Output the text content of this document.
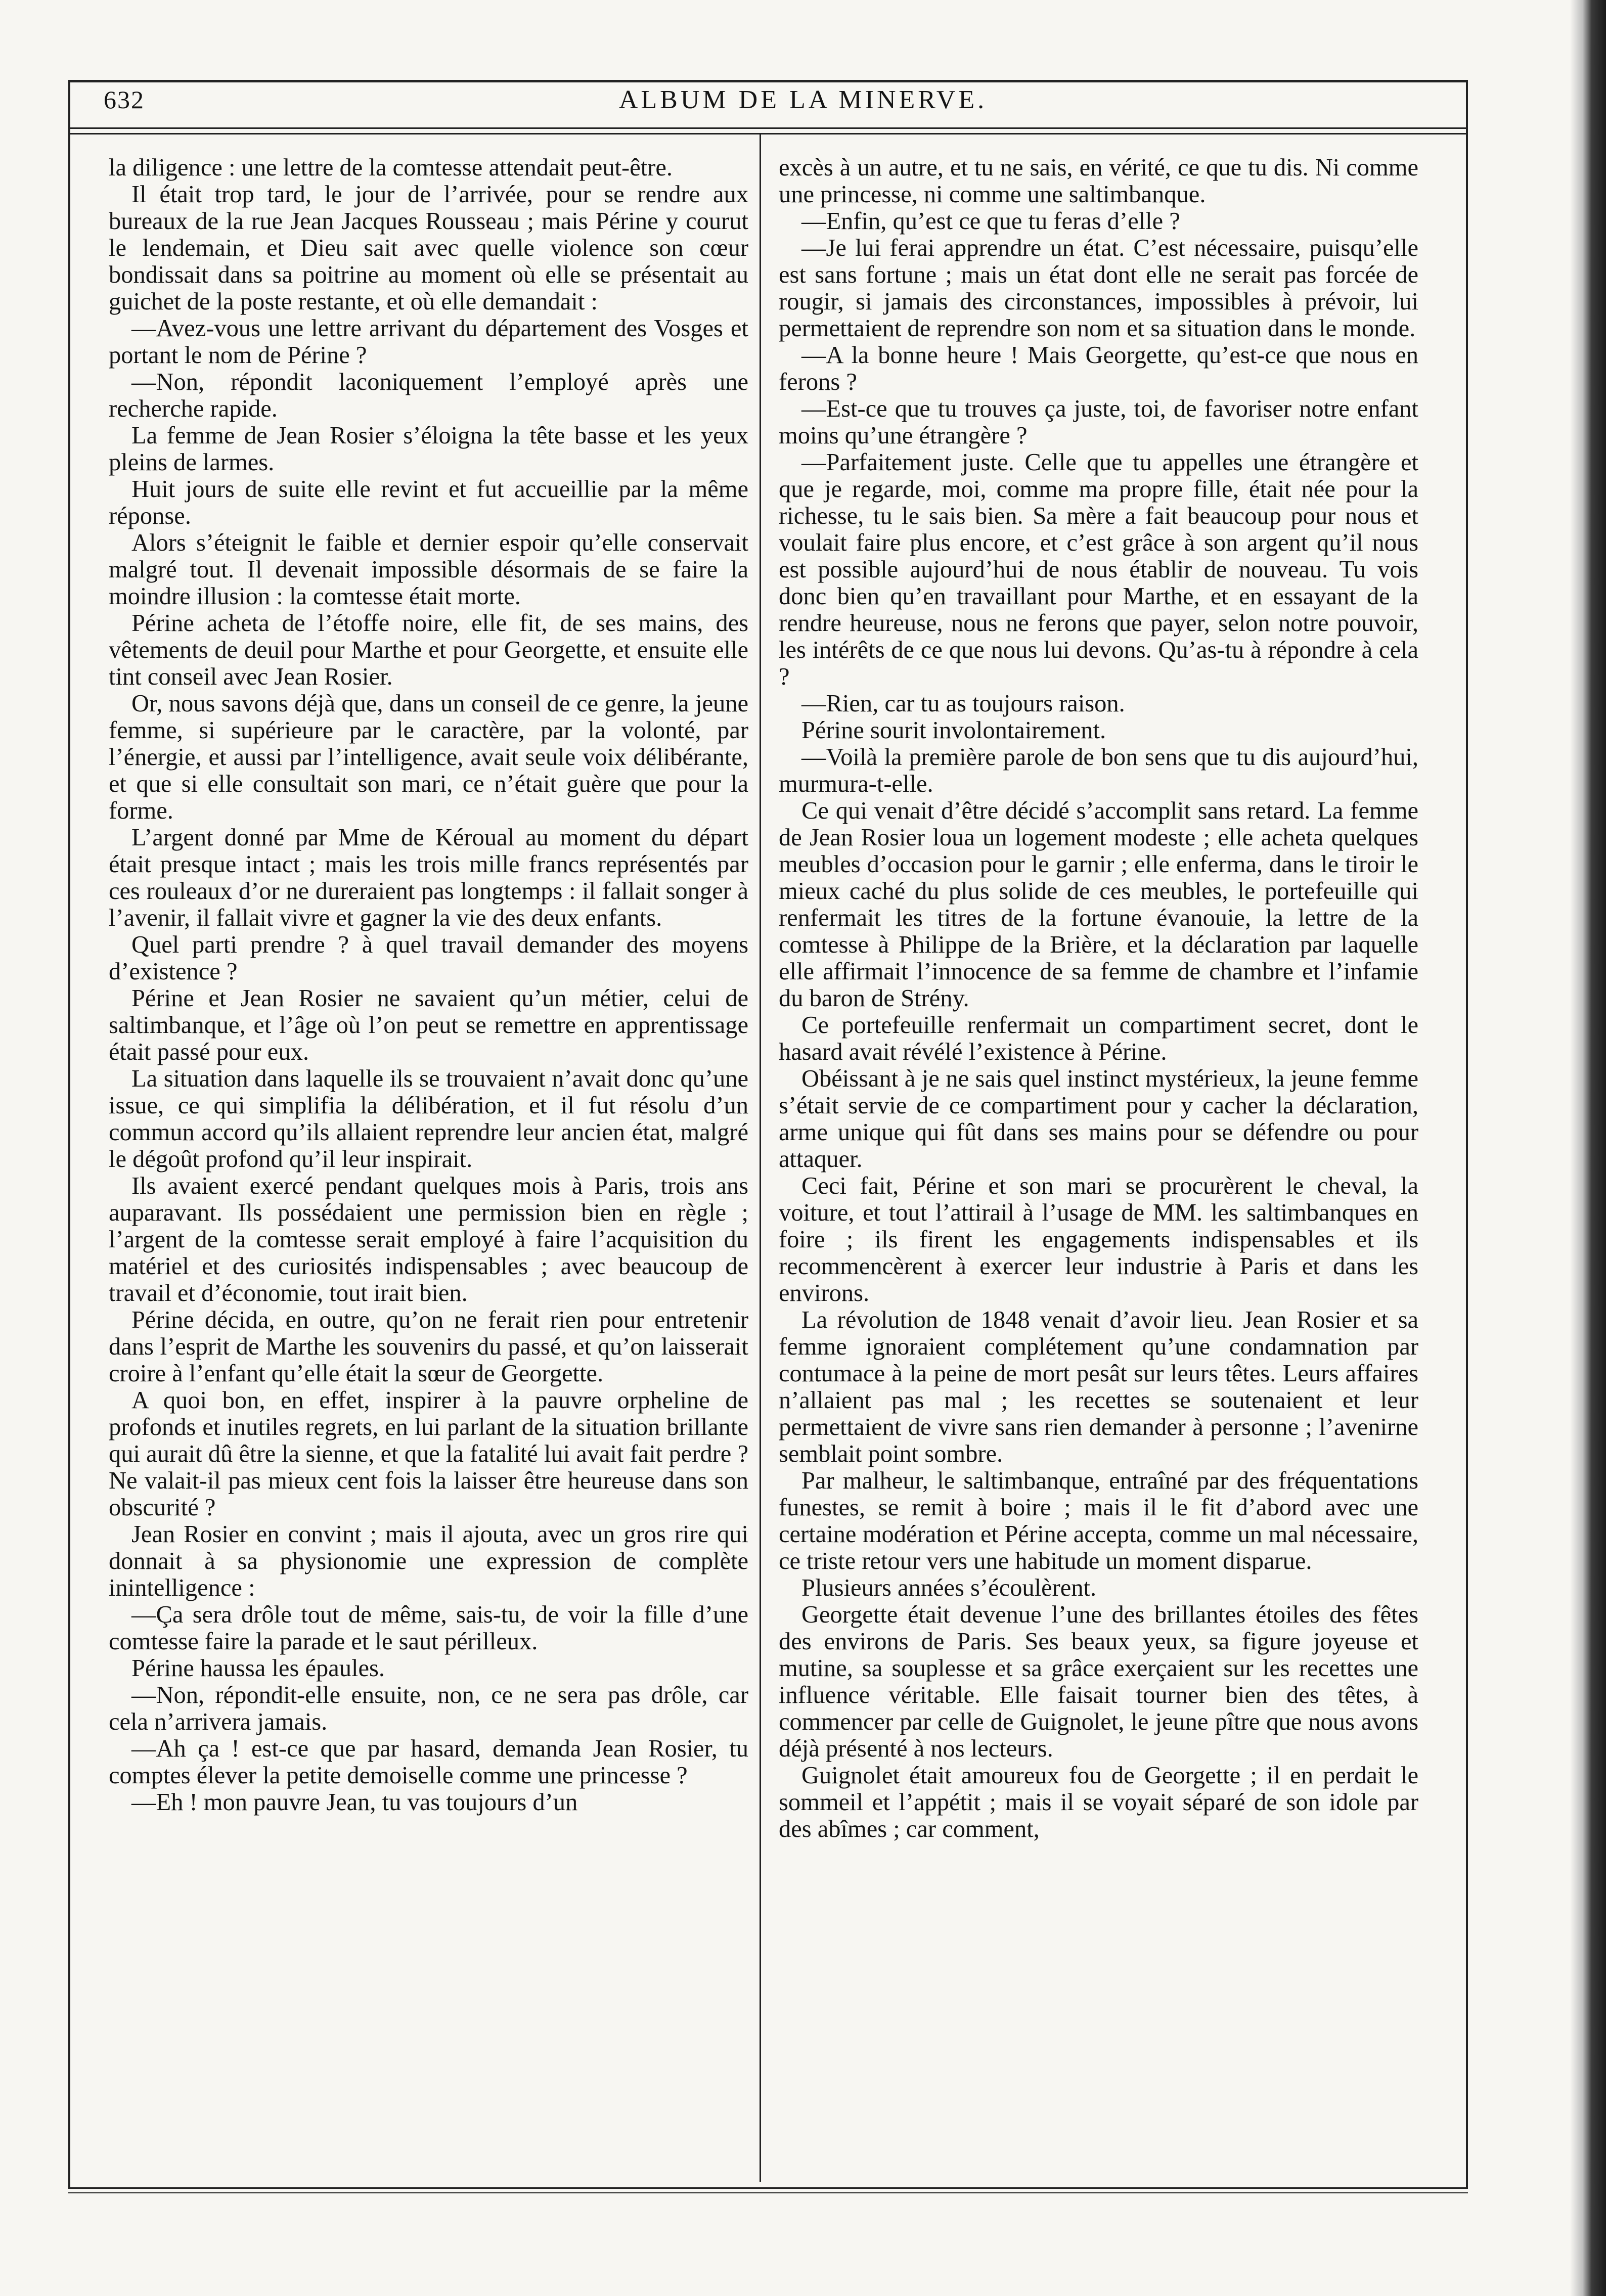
632	ALBUM DE LA MINERVE.

la diligence : une lettre de la comtesse attendait peut-être.

Il était trop tard, le jour de l’arrivée, pour se rendre aux bureaux de la rue Jean Jacques Rousseau ; mais Périne y courut le lendemain, et Dieu sait avec quelle violence son cœur bondissait dans sa poitrine au moment où elle se présentait au guichet de la poste restante, et où elle demandait :

—Avez-vous une lettre arrivant du département des Vosges et portant le nom de Périne ?

—Non, répondit laconiquement l’employé après une recherche rapide.

La femme de Jean Rosier s’éloigna la tête basse et les yeux pleins de larmes.

Huit jours de suite elle revint et fut accueillie par la même réponse.

Alors s’éteignit le faible et dernier espoir qu’elle conservait malgré tout. Il devenait impossible désormais de se faire la moindre illusion : la comtesse était morte.

Périne acheta de l’étoffe noire, elle fit, de ses mains, des vêtements de deuil pour Marthe et pour Georgette, et ensuite elle tint conseil avec Jean Rosier.

Or, nous savons déjà que, dans un conseil de ce genre, la jeune femme, si supérieure par le caractère, par la volonté, par l’énergie, et aussi par l’intelligence, avait seule voix délibérante, et que si elle consultait son mari, ce n’était guère que pour la forme.

L’argent donné par Mme de Kéroual au moment du départ était presque intact ; mais les trois mille francs représentés par ces rouleaux d’or ne dureraient pas longtemps : il fallait songer à l’avenir, il fallait vivre et gagner la vie des deux enfants.

Quel parti prendre ? à quel travail demander des moyens d’existence ?

Périne et Jean Rosier ne savaient qu’un métier, celui de saltimbanque, et l’âge où l’on peut se remettre en apprentissage était passé pour eux.

La situation dans laquelle ils se trouvaient n’avait donc qu’une issue, ce qui simplifia la délibération, et il fut résolu d’un commun accord qu’ils allaient reprendre leur ancien état, malgré le dégoût profond qu’il leur inspirait.

Ils avaient exercé pendant quelques mois à Paris, trois ans auparavant. Ils possédaient une permission bien en règle ; l’argent de la comtesse serait employé à faire l’acquisition du matériel et des curiosités indispensables ; avec beaucoup de travail et d’économie, tout irait bien.

Périne décida, en outre, qu’on ne ferait rien pour entretenir dans l’esprit de Marthe les souvenirs du passé, et qu’on laisserait croire à l’enfant qu’elle était la sœur de Georgette.

A quoi bon, en effet, inspirer à la pauvre orpheline de profonds et inutiles regrets, en lui parlant de la situation brillante qui aurait dû être la sienne, et que la fatalité lui avait fait perdre ? Ne valait-il pas mieux cent fois la laisser être heureuse dans son obscurité ?

Jean Rosier en convint ; mais il ajouta, avec un gros rire qui donnait à sa physionomie une expression de complète inintelligence :

—Ça sera drôle tout de même, sais-tu, de voir la fille d’une comtesse faire la parade et le saut périlleux.

Périne haussa les épaules.

—Non, répondit-elle ensuite, non, ce ne sera pas drôle, car cela n’arrivera jamais.

—Ah ça ! est-ce que par hasard, demanda Jean Rosier, tu comptes élever la petite demoiselle comme une princesse ?

—Eh ! mon pauvre Jean, tu vas toujours d’un

excès à un autre, et tu ne sais, en vérité, ce que tu dis. Ni comme une princesse, ni comme une saltimbanque.

—Enfin, qu’est ce que tu feras d’elle ?

—Je lui ferai apprendre un état. C’est nécessaire, puisqu’elle est sans fortune ; mais un état dont elle ne serait pas forcée de rougir, si jamais des circonstances, impossibles à prévoir, lui permettaient de reprendre son nom et sa situation dans le monde.

—A la bonne heure ! Mais Georgette, qu’est-ce que nous en ferons ?

—Est-ce que tu trouves ça juste, toi, de favoriser notre enfant moins qu’une étrangère ?

—Parfaitement juste. Celle que tu appelles une étrangère et que je regarde, moi, comme ma propre fille, était née pour la richesse, tu le sais bien. Sa mère a fait beaucoup pour nous et voulait faire plus encore, et c’est grâce à son argent qu’il nous est possible aujourd’hui de nous établir de nouveau. Tu vois donc bien qu’en travaillant pour Marthe, et en essayant de la rendre heureuse, nous ne ferons que payer, selon notre pouvoir, les intérêts de ce que nous lui devons. Qu’as-tu à répondre à cela ?

—Rien, car tu as toujours raison.

Périne sourit involontairement.

—Voilà la première parole de bon sens que tu dis aujourd’hui, murmura-t-elle.

Ce qui venait d’être décidé s’accomplit sans retard. La femme de Jean Rosier loua un logement modeste ; elle acheta quelques meubles d’occasion pour le garnir ; elle enferma, dans le tiroir le mieux caché du plus solide de ces meubles, le portefeuille qui renfermait les titres de la fortune évanouie, la lettre de la comtesse à Philippe de la Brière, et la déclaration par laquelle elle affirmait l’innocence de sa femme de chambre et l’infamie du baron de Strény.

Ce portefeuille renfermait un compartiment secret, dont le hasard avait révélé l’existence à Périne.

Obéissant à je ne sais quel instinct mystérieux, la jeune femme s’était servie de ce compartiment pour y cacher la déclaration, arme unique qui fût dans ses mains pour se défendre ou pour attaquer.

Ceci fait, Périne et son mari se procurèrent le cheval, la voiture, et tout l’attirail à l’usage de MM. les saltimbanques en foire ; ils firent les engagements indispensables et ils recommencèrent à exercer leur industrie à Paris et dans les environs.

La révolution de 1848 venait d’avoir lieu. Jean Rosier et sa femme ignoraient complétement qu’une condamnation par contumace à la peine de mort pesât sur leurs têtes. Leurs affaires n’allaient pas mal ; les recettes se soutenaient et leur permettaient de vivre sans rien demander à personne ; l’avenirne semblait point sombre.

Par malheur, le saltimbanque, entraîné par des fréquentations funestes, se remit à boire ; mais il le fit d’abord avec une certaine modération et Périne accepta, comme un mal nécessaire, ce triste retour vers une habitude un moment disparue.

Plusieurs années s’écoulèrent.

Georgette était devenue l’une des brillantes étoiles des fêtes des environs de Paris. Ses beaux yeux, sa figure joyeuse et mutine, sa souplesse et sa grâce exerçaient sur les recettes une influence véritable. Elle faisait tourner bien des têtes, à commencer par celle de Guignolet, le jeune pître que nous avons déjà présenté à nos lecteurs.

Guignolet était amoureux fou de Georgette ; il en perdait le sommeil et l’appétit ; mais il se voyait séparé de son idole par des abîmes ; car comment,
